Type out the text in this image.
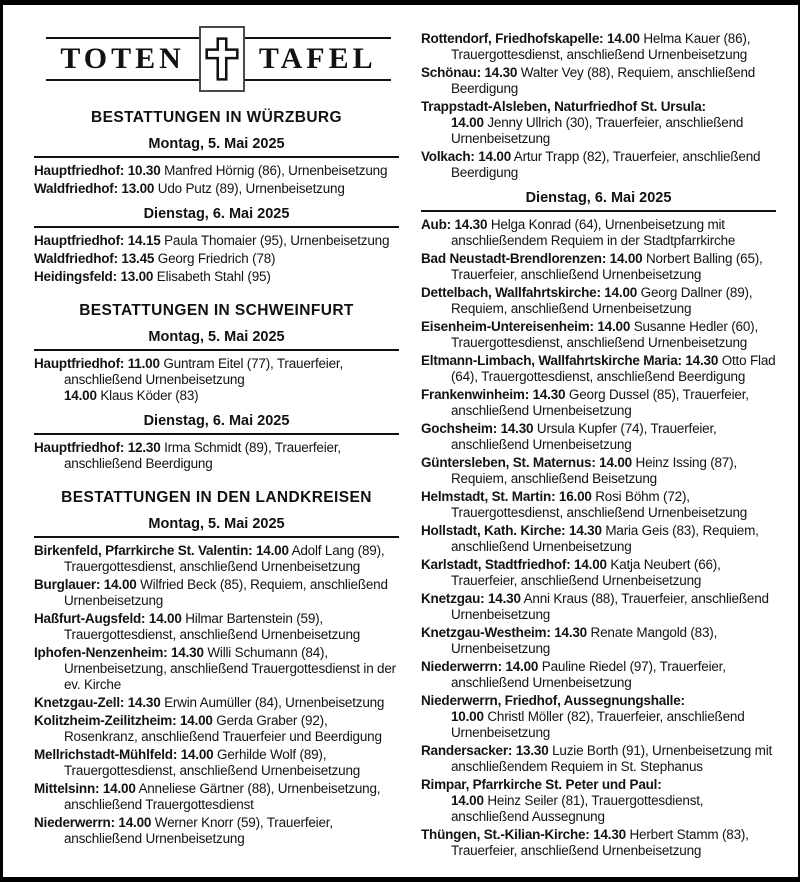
TOTEN TAFEL
BESTATTUNGEN IN WÜRZBURG
Montag, 5. Mai 2025

Hauptfriedhof: 10.30 Manfred Hörnig (86), Urnenbeisetzung

Waldfriedhof: 13.00 Udo Putz (89), Urnenbeisetzung

Dienstag, 6. Mai 2025

Hauptfriedhof: 14.15 Paula Thomaier (95), Urnenbeisetzung

Waldfriedhof: 13.45 Georg Friedrich (78)

Heidingsfeld: 13.00 Elisabeth Stahl (95)

BESTATTUNGEN IN SCHWEINFURT
Montag, 5. Mai 2025

Hauptfriedhof: 11.00 Guntram Eitel (77), Trauerfeier, anschließend Urnenbeisetzung

14.00 Klaus Köder (83)

Dienstag, 6. Mai 2025

Hauptfriedhof: 12.30 Irma Schmidt (89), Trauerfeier, anschließend Beerdigung

BESTATTUNGEN IN DEN LANDKREISEN
Montag, 5. Mai 2025

Birkenfeld, Pfarrkirche St. Valentin: 14.00 Adolf Lang (89), Trauergottesdienst, anschließend Urnenbeisetzung

Burglauer: 14.00 Wilfried Beck (85), Requiem, anschließend Urnenbeisetzung

Haßfurt-Augsfeld: 14.00 Hilmar Bartenstein (59), Trauergottesdienst, anschließend Urnenbeisetzung

Iphofen-Nenzenheim: 14.30 Willi Schumann (84), Urnenbeisetzung, anschließend Trauergottesdienst in der ev. Kirche

Knetzgau-Zell: 14.30 Erwin Aumüller (84), Urnenbeisetzung

Kolitzheim-Zeilitzheim: 14.00 Gerda Graber (92), Rosenkranz, anschließend Trauerfeier und Beerdigung

Mellrichstadt-Mühlfeld: 14.00 Gerhilde Wolf (89), Trauergottesdienst, anschließend Urnenbeisetzung

Mittelsinn: 14.00 Anneliese Gärtner (88), Urnenbeisetzung, anschließend Trauergottesdienst

Niederwerrn: 14.00 Werner Knorr (59), Trauerfeier, anschließend Urnenbeisetzung

Rottendorf, Friedhofskapelle: 14.00 Helma Kauer (86), Trauergottesdienst, anschließend Urnenbeisetzung

Schönau: 14.30 Walter Vey (88), Requiem, anschließend Beerdigung

Trappstadt-Alsleben, Naturfriedhof St. Ursula:

14.00 Jenny Ullrich (30), Trauerfeier, anschließend Urnenbeisetzung

Volkach: 14.00 Artur Trapp (82), Trauerfeier, anschließend Beerdigung

Dienstag, 6. Mai 2025

Aub: 14.30 Helga Konrad (64), Urnenbeisetzung mit anschließendem Requiem in der Stadtpfarrkirche

Bad Neustadt-Brendlorenzen: 14.00 Norbert Balling (65), Trauerfeier, anschließend Urnenbeisetzung

Dettelbach, Wallfahrtskirche: 14.00 Georg Dallner (89), Requiem, anschließend Urnenbeisetzung

Eisenheim-Untereisenheim: 14.00 Susanne Hedler (60), Trauergottesdienst, anschließend Urnenbeisetzung

Eltmann-Limbach, Wallfahrtskirche Maria: 14.30 Otto Flad (64), Trauergottesdienst, anschließend Beerdigung

Frankenwinheim: 14.30 Georg Dussel (85), Trauerfeier, anschließend Urnenbeisetzung

Gochsheim: 14.30 Ursula Kupfer (74), Trauerfeier, anschließend Urnenbeisetzung

Güntersleben, St. Maternus: 14.00 Heinz Issing (87), Requiem, anschließend Beisetzung

Helmstadt, St. Martin: 16.00 Rosi Böhm (72), Trauergottesdienst, anschließend Urnenbeisetzung

Hollstadt, Kath. Kirche: 14.30 Maria Geis (83), Requiem, anschließend Urnenbeisetzung

Karlstadt, Stadtfriedhof: 14.00 Katja Neubert (66), Trauerfeier, anschließend Urnenbeisetzung

Knetzgau: 14.30 Anni Kraus (88), Trauerfeier, anschließend Urnenbeisetzung

Knetzgau-Westheim: 14.30 Renate Mangold (83), Urnenbeisetzung

Niederwerrn: 14.00 Pauline Riedel (97), Trauerfeier, anschließend Urnenbeisetzung

Niederwerrn, Friedhof, Aussegnungshalle:

10.00 Christl Möller (82), Trauerfeier, anschließend Urnenbeisetzung

Randersacker: 13.30 Luzie Borth (91), Urnenbeisetzung mit anschließendem Requiem in St. Stephanus

Rimpar, Pfarrkirche St. Peter und Paul:

14.00 Heinz Seiler (81), Trauergottesdienst, anschließend Aussegnung

Thüngen, St.-Kilian-Kirche: 14.30 Herbert Stamm (83), Trauerfeier, anschließend Urnenbeisetzung
